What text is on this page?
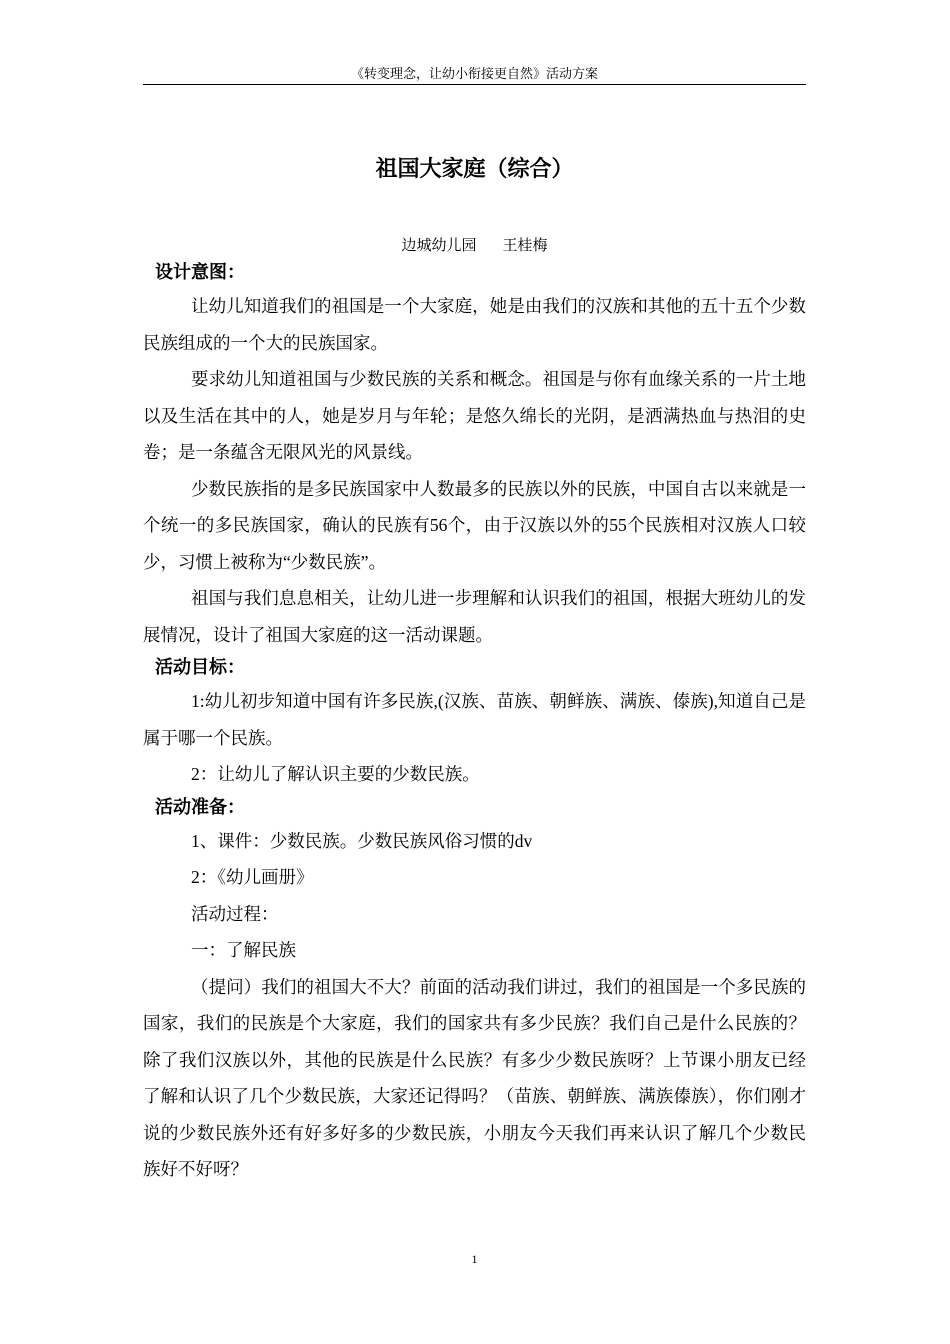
《转变理念，让幼小衔接更自然》活动方案
祖国大家庭（综合）
边城幼儿园 王桂梅
设计意图：

让幼儿知道我们的祖国是一个大家庭，她是由我们的汉族和其他的五十五个少数民族组成的一个大的民族国家。

要求幼儿知道祖国与少数民族的关系和概念。祖国是与你有血缘关系的一片土地以及生活在其中的人，她是岁月与年轮；是悠久绵长的光阴，是洒满热血与热泪的史卷；是一条蕴含无限风光的风景线。

少数民族指的是多民族国家中人数最多的民族以外的民族，中国自古以来就是一个统一的多民族国家，确认的民族有56个，由于汉族以外的55个民族相对汉族人口较少，习惯上被称为“少数民族”。

祖国与我们息息相关，让幼儿进一步理解和认识我们的祖国，根据大班幼儿的发展情况，设计了祖国大家庭的这一活动课题。

活动目标：

1:幼儿初步知道中国有许多民族,(汉族、苗族、朝鲜族、满族、傣族),知道自己是属于哪一个民族。

2：让幼儿了解认识主要的少数民族。

活动准备：

1、课件：少数民族。少数民族风俗习惯的dv

2：《幼儿画册》

活动过程：

一：了解民族

（提问）我们的祖国大不大？前面的活动我们讲过，我们的祖国是一个多民族的国家，我们的民族是个大家庭，我们的国家共有多少民族？我们自己是什么民族的？除了我们汉族以外，其他的民族是什么民族？有多少少数民族呀？上节课小朋友已经了解和认识了几个少数民族，大家还记得吗？（苗族、朝鲜族、满族傣族），你们刚才说的少数民族外还有好多好多的少数民族，小朋友今天我们再来认识了解几个少数民族好不好呀？

1
